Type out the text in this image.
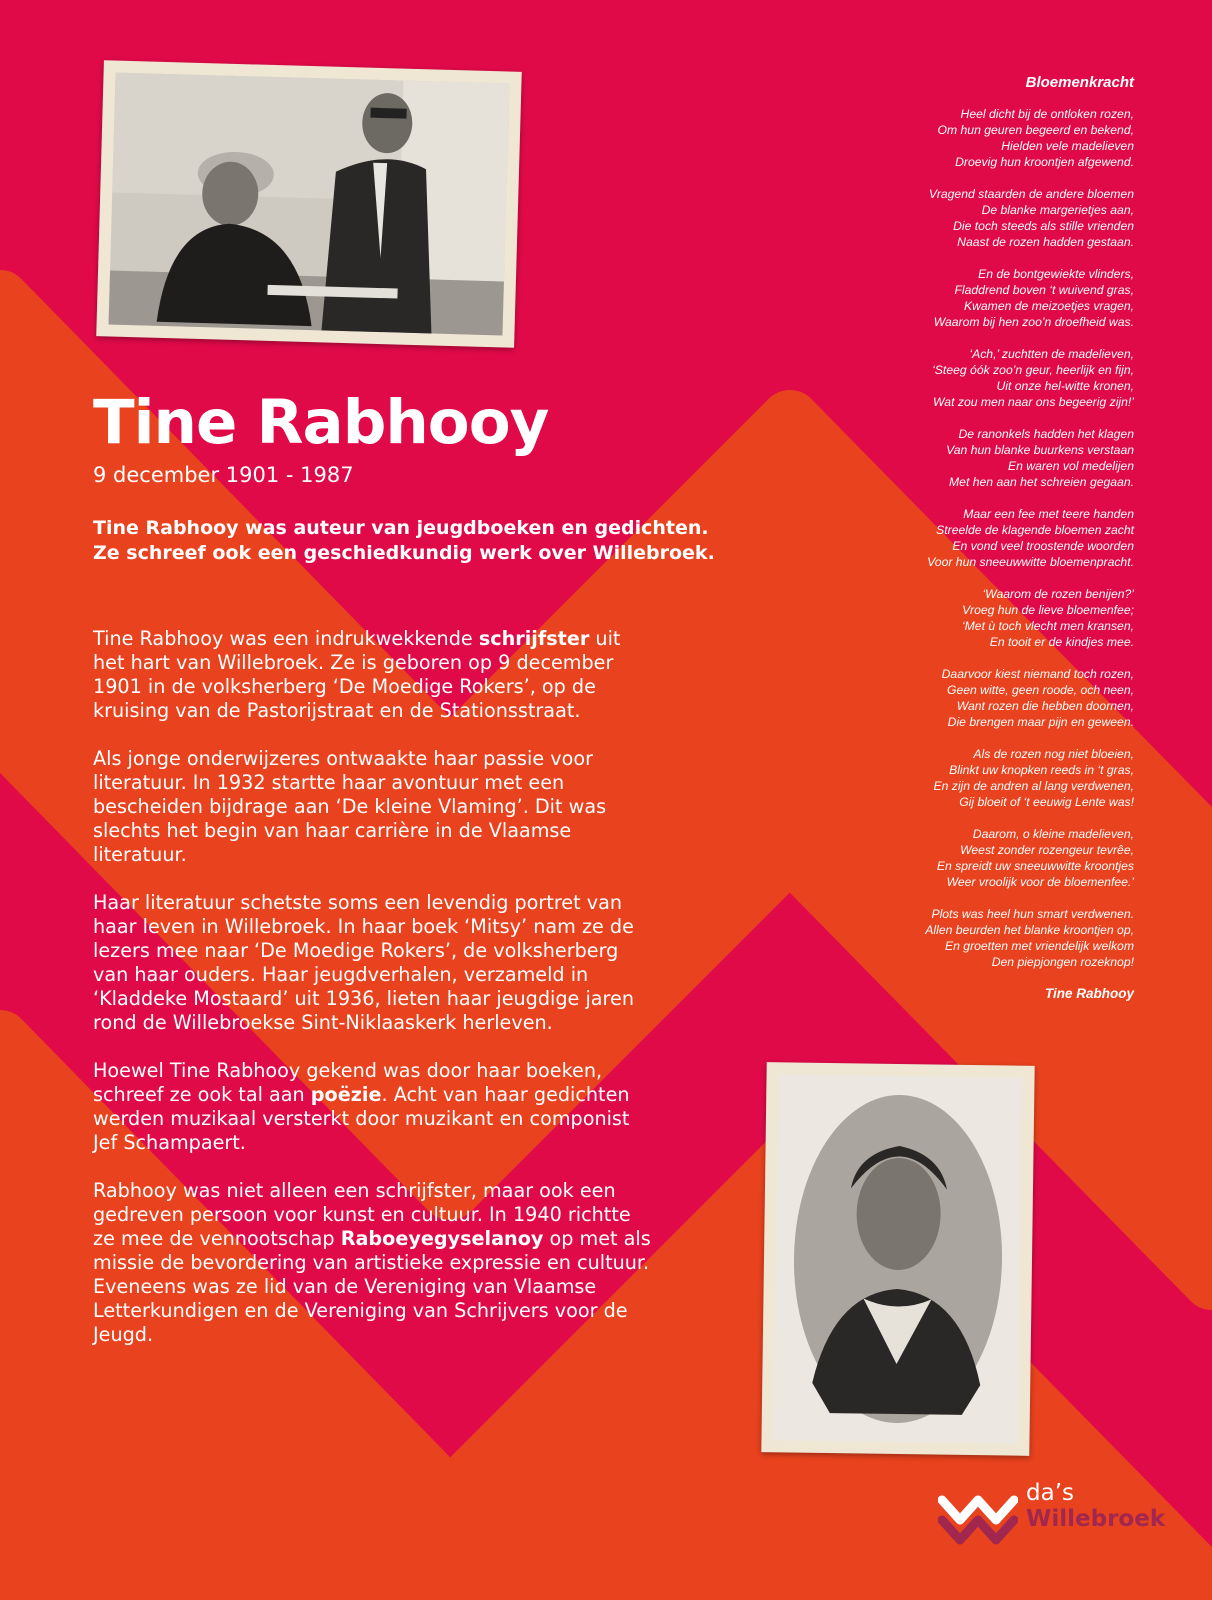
Tine Rabhooy
9 december 1901 - 1987

Tine Rabhooy was auteur van jeugdboeken en gedichten.
Ze schreef ook een geschiedkundig werk over Willebroek.

Tine Rabhooy was een indrukwekkende schrijfster uit het hart van Willebroek. Ze is geboren op 9 december 1901 in de volksherberg ‘De Moedige Rokers’, op de kruising van de Pastorijstraat en de Stationsstraat.

Als jonge onderwijzeres ontwaakte haar passie voor literatuur. In 1932 startte haar avontuur met een bescheiden bijdrage aan ‘De kleine Vlaming’. Dit was slechts het begin van haar carrière in de Vlaamse literatuur.

Haar literatuur schetste soms een levendig portret van haar leven in Willebroek. In haar boek ‘Mitsy’ nam ze de lezers mee naar ‘De Moedige Rokers’, de volksherberg van haar ouders. Haar jeugdverhalen, verzameld in ‘Kladdeke Mostaard’ uit 1936, lieten haar jeugdige jaren rond de Willebroekse Sint-Niklaaskerk herleven.

Hoewel Tine Rabhooy gekend was door haar boeken, schreef ze ook tal aan poëzie. Acht van haar gedichten werden muzikaal versterkt door muzikant en componist Jef Schampaert.

Rabhooy was niet alleen een schrijfster, maar ook een gedreven persoon voor kunst en cultuur. In 1940 richtte ze mee de vennootschap Raboeyegyselanoy op met als missie de bevordering van artistieke expressie en cultuur. Eveneens was ze lid van de Vereniging van Vlaamse Letterkundigen en de Vereniging van Schrijvers voor de Jeugd.

Bloemenkracht
Heel dicht bij de ontloken rozen,
Om hun geuren begeerd en bekend,
Hielden vele madelieven
Droevig hun kroontjen afgewend.
Vragend staarden de andere bloemen
De blanke margerietjes aan,
Die toch steeds als stille vrienden
Naast de rozen hadden gestaan.
En de bontgewiekte vlinders,
Fladdrend boven ‘t wuivend gras,
Kwamen de meizoetjes vragen,
Waarom bij hen zoo’n droefheid was.
‘Ach,’ zuchtten de madelieven,
‘Steeg óók zoo’n geur, heerlijk en fijn,
Uit onze hel-witte kronen,
Wat zou men naar ons begeerig zijn!’
De ranonkels hadden het klagen
Van hun blanke buurkens verstaan
En waren vol medelijen
Met hen aan het schreien gegaan.
Maar een fee met teere handen
Streelde de klagende bloemen zacht
En vond veel troostende woorden
Voor hun sneeuwwitte bloemenpracht.
‘Waarom de rozen benijen?’
Vroeg hun de lieve bloemenfee;
‘Met ù toch vlecht men kransen,
En tooit er de kindjes mee.
Daarvoor kiest niemand toch rozen,
Geen witte, geen roode, och neen,
Want rozen die hebben doornen,
Die brengen maar pijn en geween.
Als de rozen nog niet bloeien,
Blinkt uw knopken reeds in ‘t gras,
En zijn de andren al lang verdwenen,
Gij bloeit of ‘t eeuwig Lente was!
Daarom, o kleine madelieven,
Weest zonder rozengeur tevrêe,
En spreidt uw sneeuwwitte kroontjes
Weer vroolijk voor de bloemenfee.’
Plots was heel hun smart verdwenen.
Allen beurden het blanke kroontjen op,
En groetten met vriendelijk welkom
Den piepjongen rozeknop!
Tine Rabhooy
da’s
Willebroek
